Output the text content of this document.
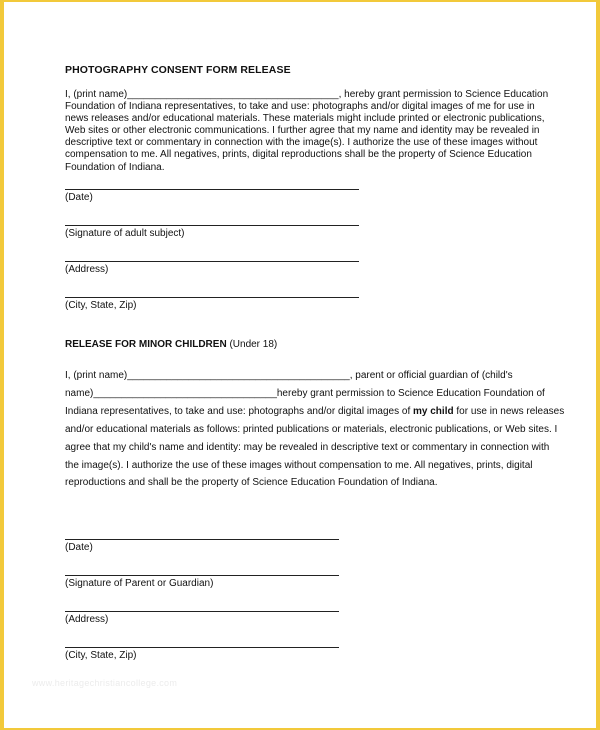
PHOTOGRAPHY CONSENT FORM RELEASE
I, (print name)______________________________________, hereby grant permission to Science Education Foundation of Indiana representatives, to take and use: photographs and/or digital images of me for use in news releases and/or educational materials. These materials might include printed or electronic publications, Web sites or other electronic communications. I further agree that my name and identity may be revealed in descriptive text or commentary in connection with the image(s). I authorize the use of these images without compensation to me. All negatives, prints, digital reproductions shall be the property of Science Education Foundation of Indiana.
(Date)
(Signature of adult subject)
(Address)
(City, State, Zip)
RELEASE FOR MINOR CHILDREN (Under 18)
I, (print name)________________________________________, parent or official guardian of (child's name)_________________________________hereby grant permission to Science Education Foundation of Indiana representatives, to take and use: photographs and/or digital images of my child for use in news releases and/or educational materials as follows: printed publications or materials, electronic publications, or Web sites. I agree that my child's name and identity: may be revealed in descriptive text or commentary in connection with the image(s). I authorize the use of these images without compensation to me. All negatives, prints, digital reproductions and shall be the property of Science Education Foundation of Indiana.
(Date)
(Signature of Parent or Guardian)
(Address)
(City, State, Zip)
www.heritagechristiancollege.com
